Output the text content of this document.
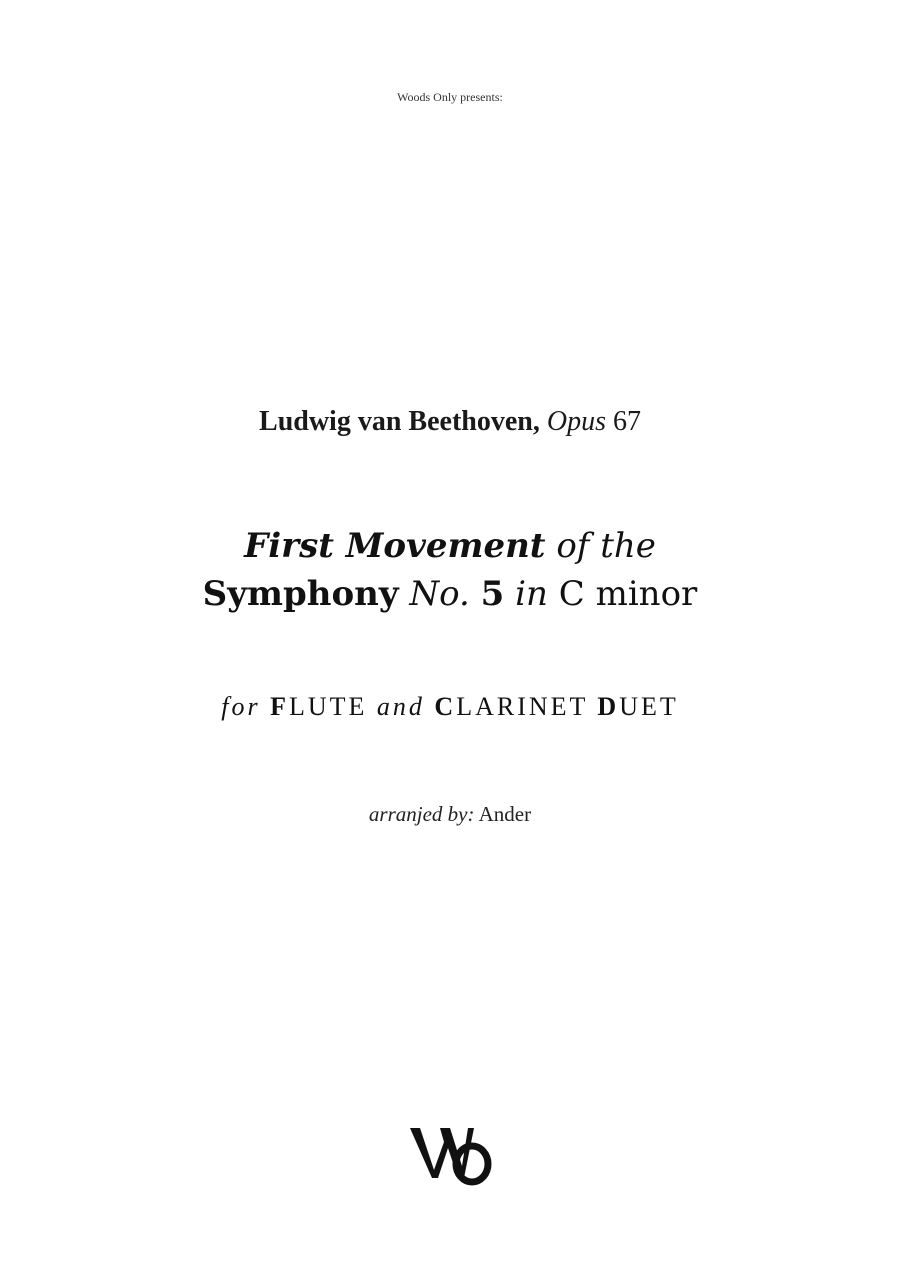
Woods Only presents:
Ludwig van Beethoven, Opus 67
First Movement of the
Symphony No. 5 in C minor
for FLUTE and CLARINET DUET
arranjed by: Ander
